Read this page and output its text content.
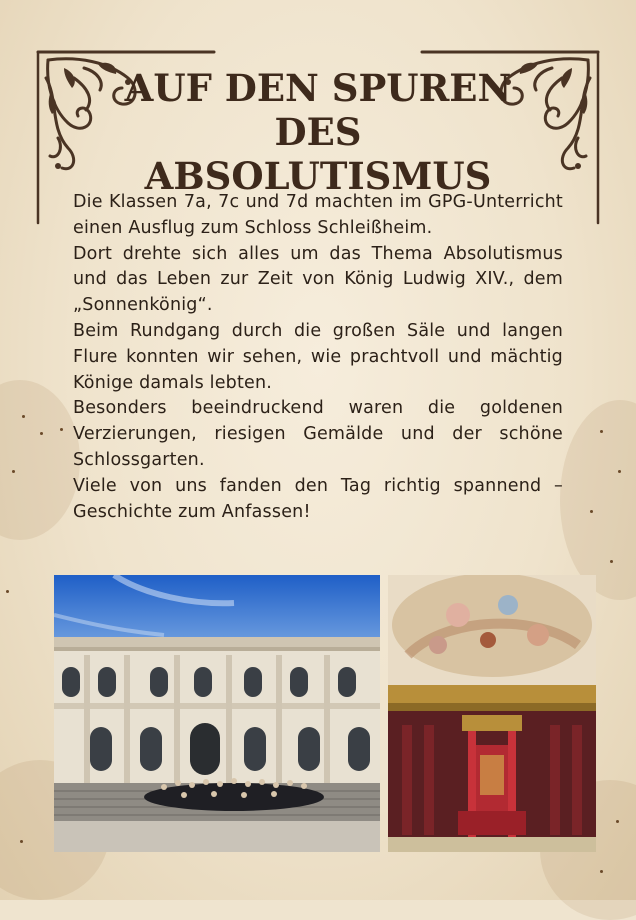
AUF DEN SPUREN DES ABSOLUTISMUS

Die Klassen 7a, 7c und 7d machten im GPG-Unterricht einen Ausflug zum Schloss Schleißheim.

Dort drehte sich alles um das Thema Absolutismus und das Leben zur Zeit von König Ludwig XIV., dem „Sonnenkönig“.

Beim Rundgang durch die großen Säle und langen Flure konnten wir sehen, wie prachtvoll und mächtig Könige damals lebten.

Besonders beeindruckend waren die goldenen Verzierungen, riesigen Gemälde und der schöne Schlossgarten.

Viele von uns fanden den Tag richtig spannend – Geschichte zum Anfassen!
